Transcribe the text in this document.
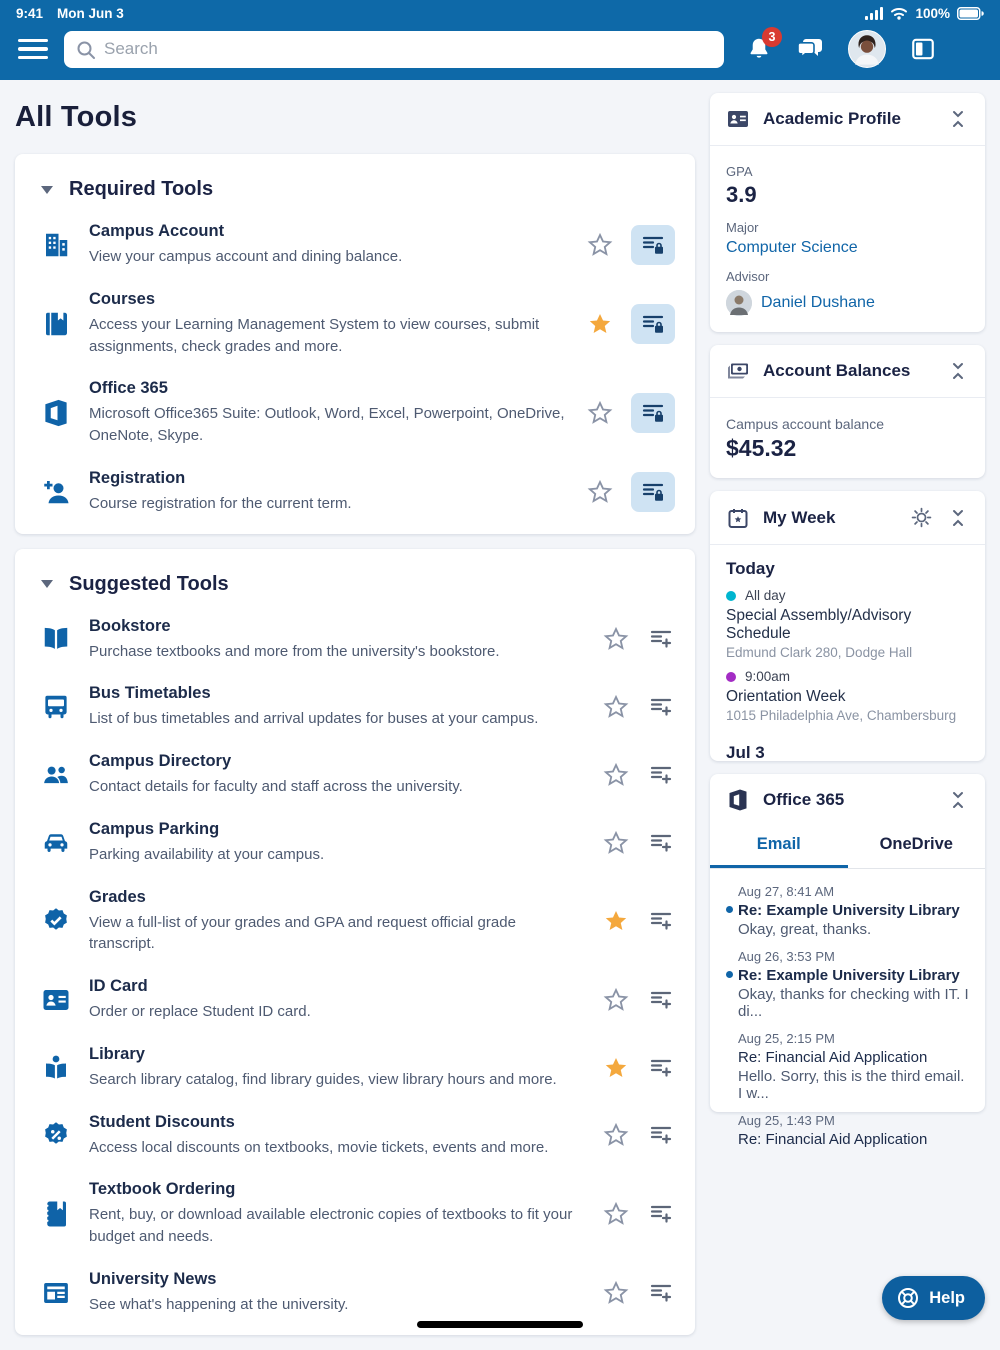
9:41 Mon Jun 3	100%
Search
3
All Tools
Required Tools
Campus Account
View your campus account and dining balance.
Courses
Access your Learning Management System to view courses, submit assignments, check grades and more.
Office 365
Microsoft Office365 Suite: Outlook, Word, Excel, Powerpoint, OneDrive, OneNote, Skype.
Registration
Course registration for the current term.
Suggested Tools
Bookstore
Purchase textbooks and more from the university's bookstore.
Bus Timetables
List of bus timetables and arrival updates for buses at your campus.
Campus Directory
Contact details for faculty and staff across the university.
Campus Parking
Parking availability at your campus.
Grades
View a full-list of your grades and GPA and request official grade transcript.
ID Card
Order or replace Student ID card.
Library
Search library catalog, find library guides, view library hours and more.
Student Discounts
Access local discounts on textbooks, movie tickets, events and more.
Textbook Ordering
Rent, buy, or download available electronic copies of textbooks to fit your budget and needs.
University News
See what's happening at the university.
Academic Profile
GPA
3.9
Major
Computer Science
Advisor
Daniel Dushane
Account Balances
Campus account balance
$45.32
My Week
Today
All day
Special Assembly/Advisory Schedule
Edmund Clark 280, Dodge Hall
9:00am
Orientation Week
1015 Philadelphia Ave, Chambersburg
Jul 3
Office 365
Email	OneDrive
Aug 27, 8:41 AM
Re: Example University Library
Okay, great, thanks.
Aug 26, 3:53 PM
Re: Example University Library
Okay, thanks for checking with IT. I di...
Aug 25, 2:15 PM
Re: Financial Aid Application
Hello. Sorry, this is the third email. I w...
Aug 25, 1:43 PM
Re: Financial Aid Application
Help
